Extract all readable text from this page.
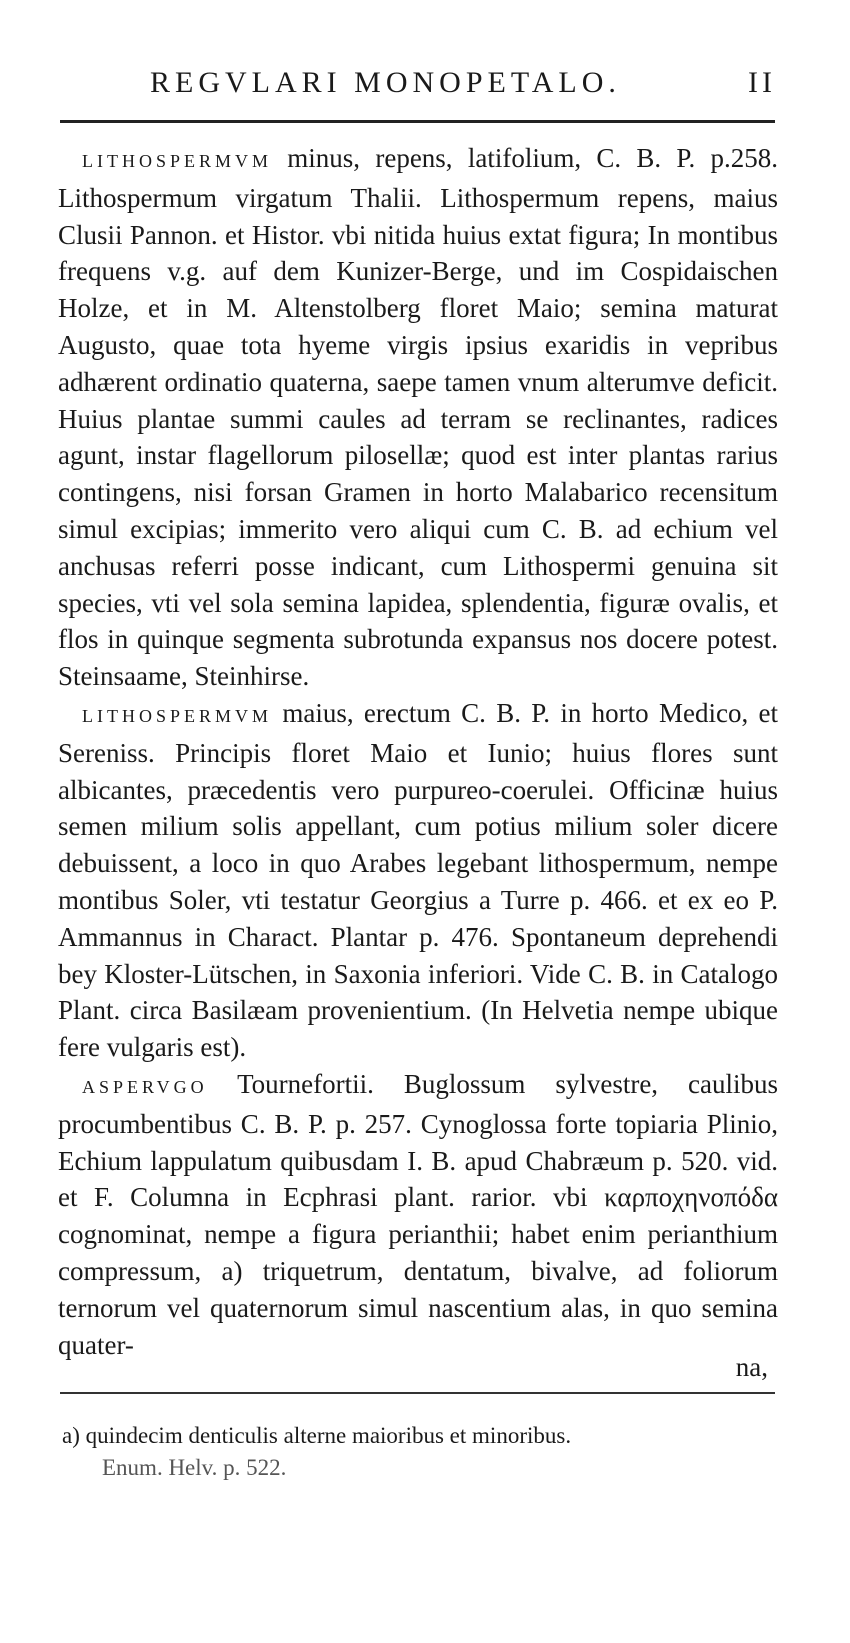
REGVLARI MONOPETALO.	II

LITHOSPERMVM minus, repens, latifolium, C. B. P. p.258. Lithospermum virgatum Thalii. Lithospermum repens, maius Clusii Pannon. et Histor. vbi nitida huius extat figura; In montibus frequens v.g. auf dem Kunizer-Berge, und im Cospidaischen Holze, et in M. Altenstolberg floret Maio; semina maturat Augusto, quae tota hyeme virgis ipsius exaridis in vepribus adhærent ordinatio quaterna, saepe tamen vnum alterumve deficit. Huius plantae summi caules ad terram se reclinantes, radices agunt, instar flagellorum pilosellæ; quod est inter plantas rarius contingens, nisi forsan Gramen in horto Malabarico recensitum simul excipias; immerito vero aliqui cum C. B. ad echium vel anchusas referri posse indicant, cum Lithospermi genuina sit species, vti vel sola semina lapidea, splendentia, figuræ ovalis, et flos in quinque segmenta subrotunda expansus nos docere potest. Steinsaame, Steinhirse.

LITHOSPERMVM maius, erectum C. B. P. in horto Medico, et Sereniss. Principis floret Maio et Iunio; huius flores sunt albicantes, præcedentis vero purpureo-coerulei. Officinæ huius semen milium solis appellant, cum potius milium soler dicere debuissent, a loco in quo Arabes legebant lithospermum, nempe montibus Soler, vti testatur Georgius a Turre p. 466. et ex eo P. Ammannus in Charact. Plantar p. 476. Spontaneum deprehendi bey Kloster-Lütschen, in Saxonia inferiori. Vide C. B. in Catalogo Plant. circa Basilæam provenientium. (In Helvetia nempe ubique fere vulgaris est).

ASPERVGO Tournefortii. Buglossum sylvestre, caulibus procumbentibus C. B. P. p. 257. Cynoglossa forte topiaria Plinio, Echium lappulatum quibusdam I. B. apud Chabræum p. 520. vid. et F. Columna in Ecphrasi plant. rarior. vbi καρποχηνοπόδα cognominat, nempe a figura perianthii; habet enim perianthium compressum, a) triquetrum, dentatum, bivalve, ad foliorum ternorum vel quaternorum simul nascentium alas, in quo semina quater-

na,
a) quindecim denticulis alterne maioribus et minoribus.
Enum. Helv. p. 522.
